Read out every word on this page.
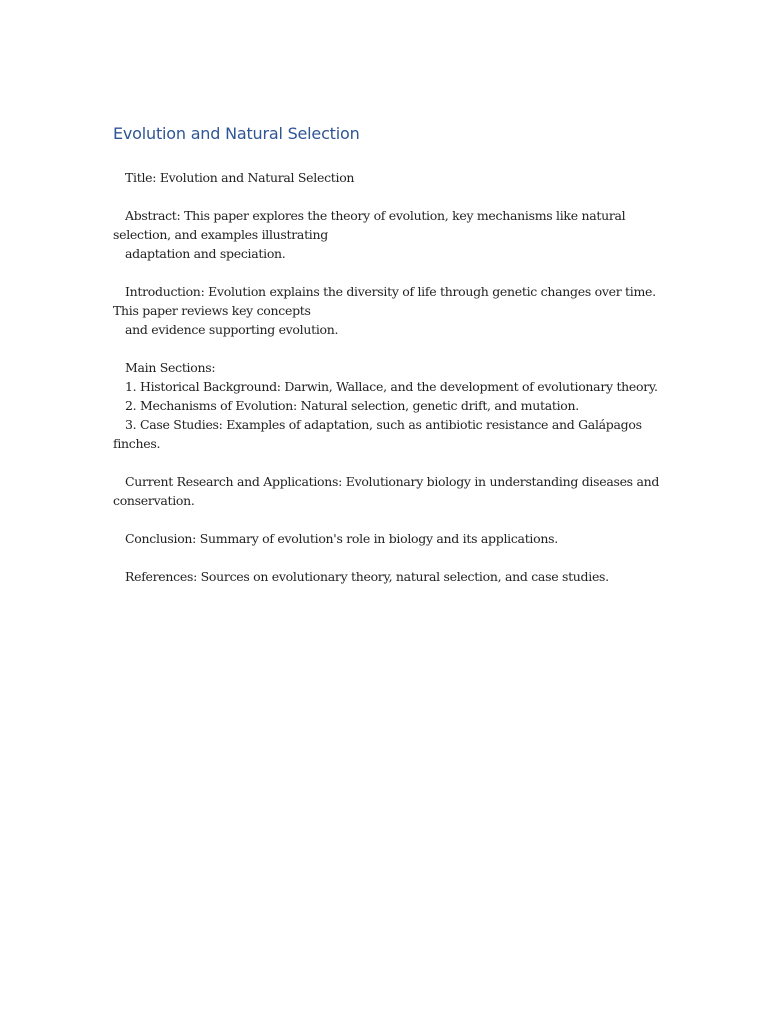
Evolution and Natural Selection

Title: Evolution and Natural Selection

Abstract: This paper explores the theory of evolution, key mechanisms like natural
selection, and examples illustrating
adaptation and speciation.

Introduction: Evolution explains the diversity of life through genetic changes over time.
This paper reviews key concepts
and evidence supporting evolution.

Main Sections:
1. Historical Background: Darwin, Wallace, and the development of evolutionary theory.
2. Mechanisms of Evolution: Natural selection, genetic drift, and mutation.
3. Case Studies: Examples of adaptation, such as antibiotic resistance and Galápagos
finches.

Current Research and Applications: Evolutionary biology in understanding diseases and
conservation.

Conclusion: Summary of evolution's role in biology and its applications.

References: Sources on evolutionary theory, natural selection, and case studies.
